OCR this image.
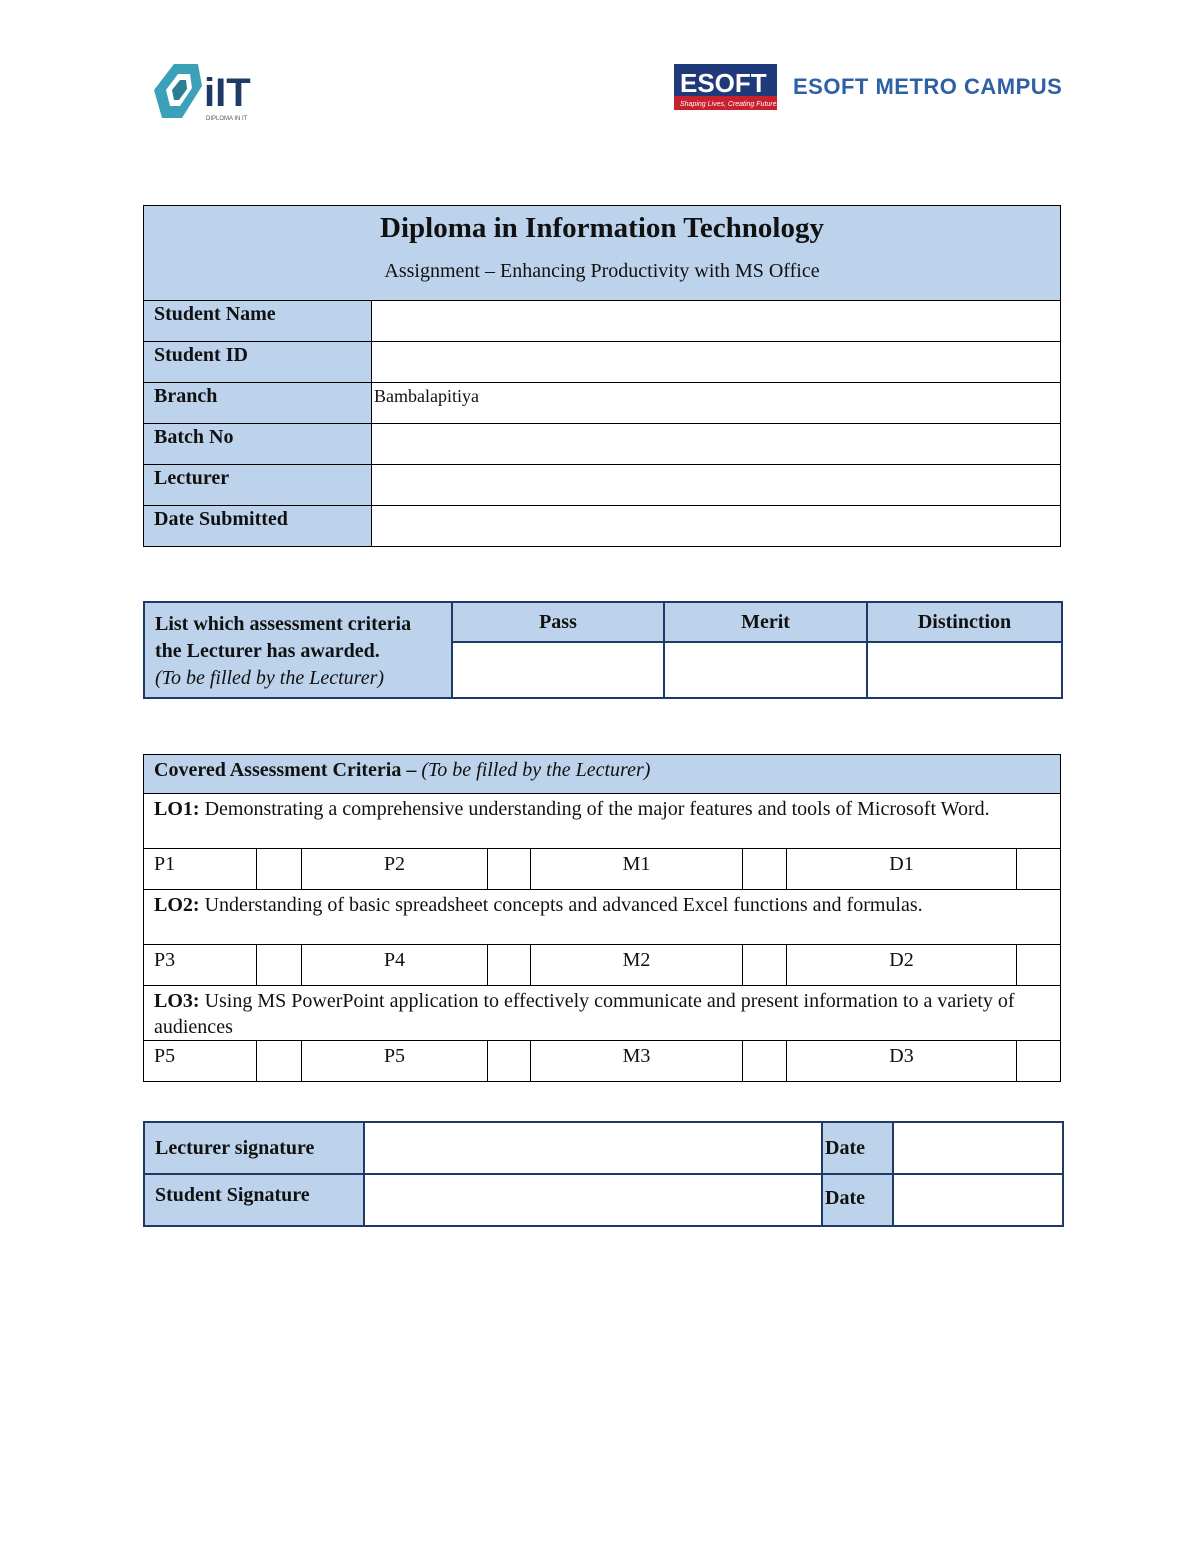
iIT
DIPLOMA IN IT
ESOFT
Shaping Lives, Creating Futures
ESOFT METRO CAMPUS
Diploma in Information Technology
Assignment – Enhancing Productivity with MS Office	

Student Name	
Student ID	
Branch	Bambalapitiya
Batch No	
Lecturer	
Date Submitted	
List which assessment criteria the Lecturer has awarded.
(To be filled by the Lecturer)	Pass	Merit	Distinction

Covered Assessment Criteria – (To be filled by the Lecturer)							
LO1: Demonstrating a comprehensive understanding of the major features and tools of Microsoft Word.							
P1		P2		M1		D1	
LO2: Understanding of basic spreadsheet concepts and advanced Excel functions and formulas.							
P3		P4		M2		D2	
LO3: Using MS PowerPoint application to effectively communicate and present information to a variety of audiences							
P5		P5		M3		D3	
Lecturer signature		Date	
Student Signature		Date	
